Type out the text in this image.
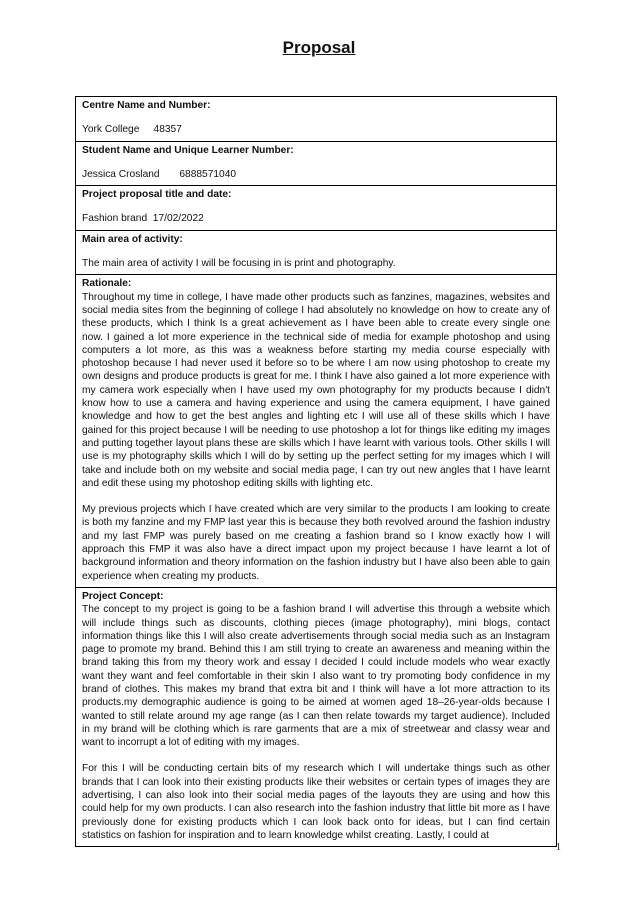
Proposal
Centre Name and Number:
York College     48357
Student Name and Unique Learner Number:
Jessica Crosland       6888571040
Project proposal title and date:
Fashion brand  17/02/2022
Main area of activity:
The main area of activity I will be focusing in is print and photography.
Rationale:

Throughout my time in college, I have made other products such as fanzines, magazines, websites and social media sites from the beginning of college I had absolutely no knowledge on how to create any of these products, which I think Is a great achievement as I have been able to create every single one now. I gained a lot more experience in the technical side of media for example photoshop and using computers a lot more, as this was a weakness before starting my media course especially with photoshop because I had never used it before so to be where I am now using photoshop to create my own designs and produce products is great for me. I think I have also gained a lot more experience with my camera work especially when I have used my own photography for my products because I didn't know how to use a camera and having experience and using the camera equipment, I have gained knowledge and how to get the best angles and lighting etc I will use all of these skills which I have gained for this project because I will be needing to use photoshop a lot for things like editing my images and putting together layout plans these are skills which I have learnt with various tools. Other skills I will use is my photography skills which I will do by setting up the perfect setting for my images which I will take and include both on my website and social media page, I can try out new angles that I have learnt and edit these using my photoshop editing skills with lighting etc.

My previous projects which I have created which are very similar to the products I am looking to create is both my fanzine and my FMP last year this is because they both revolved around the fashion industry and my last FMP was purely based on me creating a fashion brand so I know exactly how I will approach this FMP it was also have a direct impact upon my project because I have learnt a lot of background information and theory information on the fashion industry but I have also been able to gain experience when creating my products.

Project Concept:

The concept to my project is going to be a fashion brand I will advertise this through a website which will include things such as discounts, clothing pieces (image photography), mini blogs, contact information things like this I will also create advertisements through social media such as an Instagram page to promote my brand. Behind this I am still trying to create an awareness and meaning within the brand taking this from my theory work and essay I decided I could include models who wear exactly want they want and feel comfortable in their skin I also want to try promoting body confidence in my brand of clothes. This makes my brand that extra bit and I think will have a lot more attraction to its products.my demographic audience is going to be aimed at women aged 18–26-year-olds because I wanted to still relate around my age range (as I can then relate towards my target audience). Included in my brand will be clothing which is rare garments that are a mix of streetwear and classy wear and want to incorrupt a lot of editing with my images.

For this I will be conducting certain bits of my research which I will undertake things such as other brands that I can look into their existing products like their websites or certain types of images they are advertising, I can also look into their social media pages of the layouts they are using and how this could help for my own products. I can also research into the fashion industry that little bit more as I have previously done for existing products which I can look back onto for ideas, but I can find certain statistics on fashion for inspiration and to learn knowledge whilst creating. Lastly, I could at

1
